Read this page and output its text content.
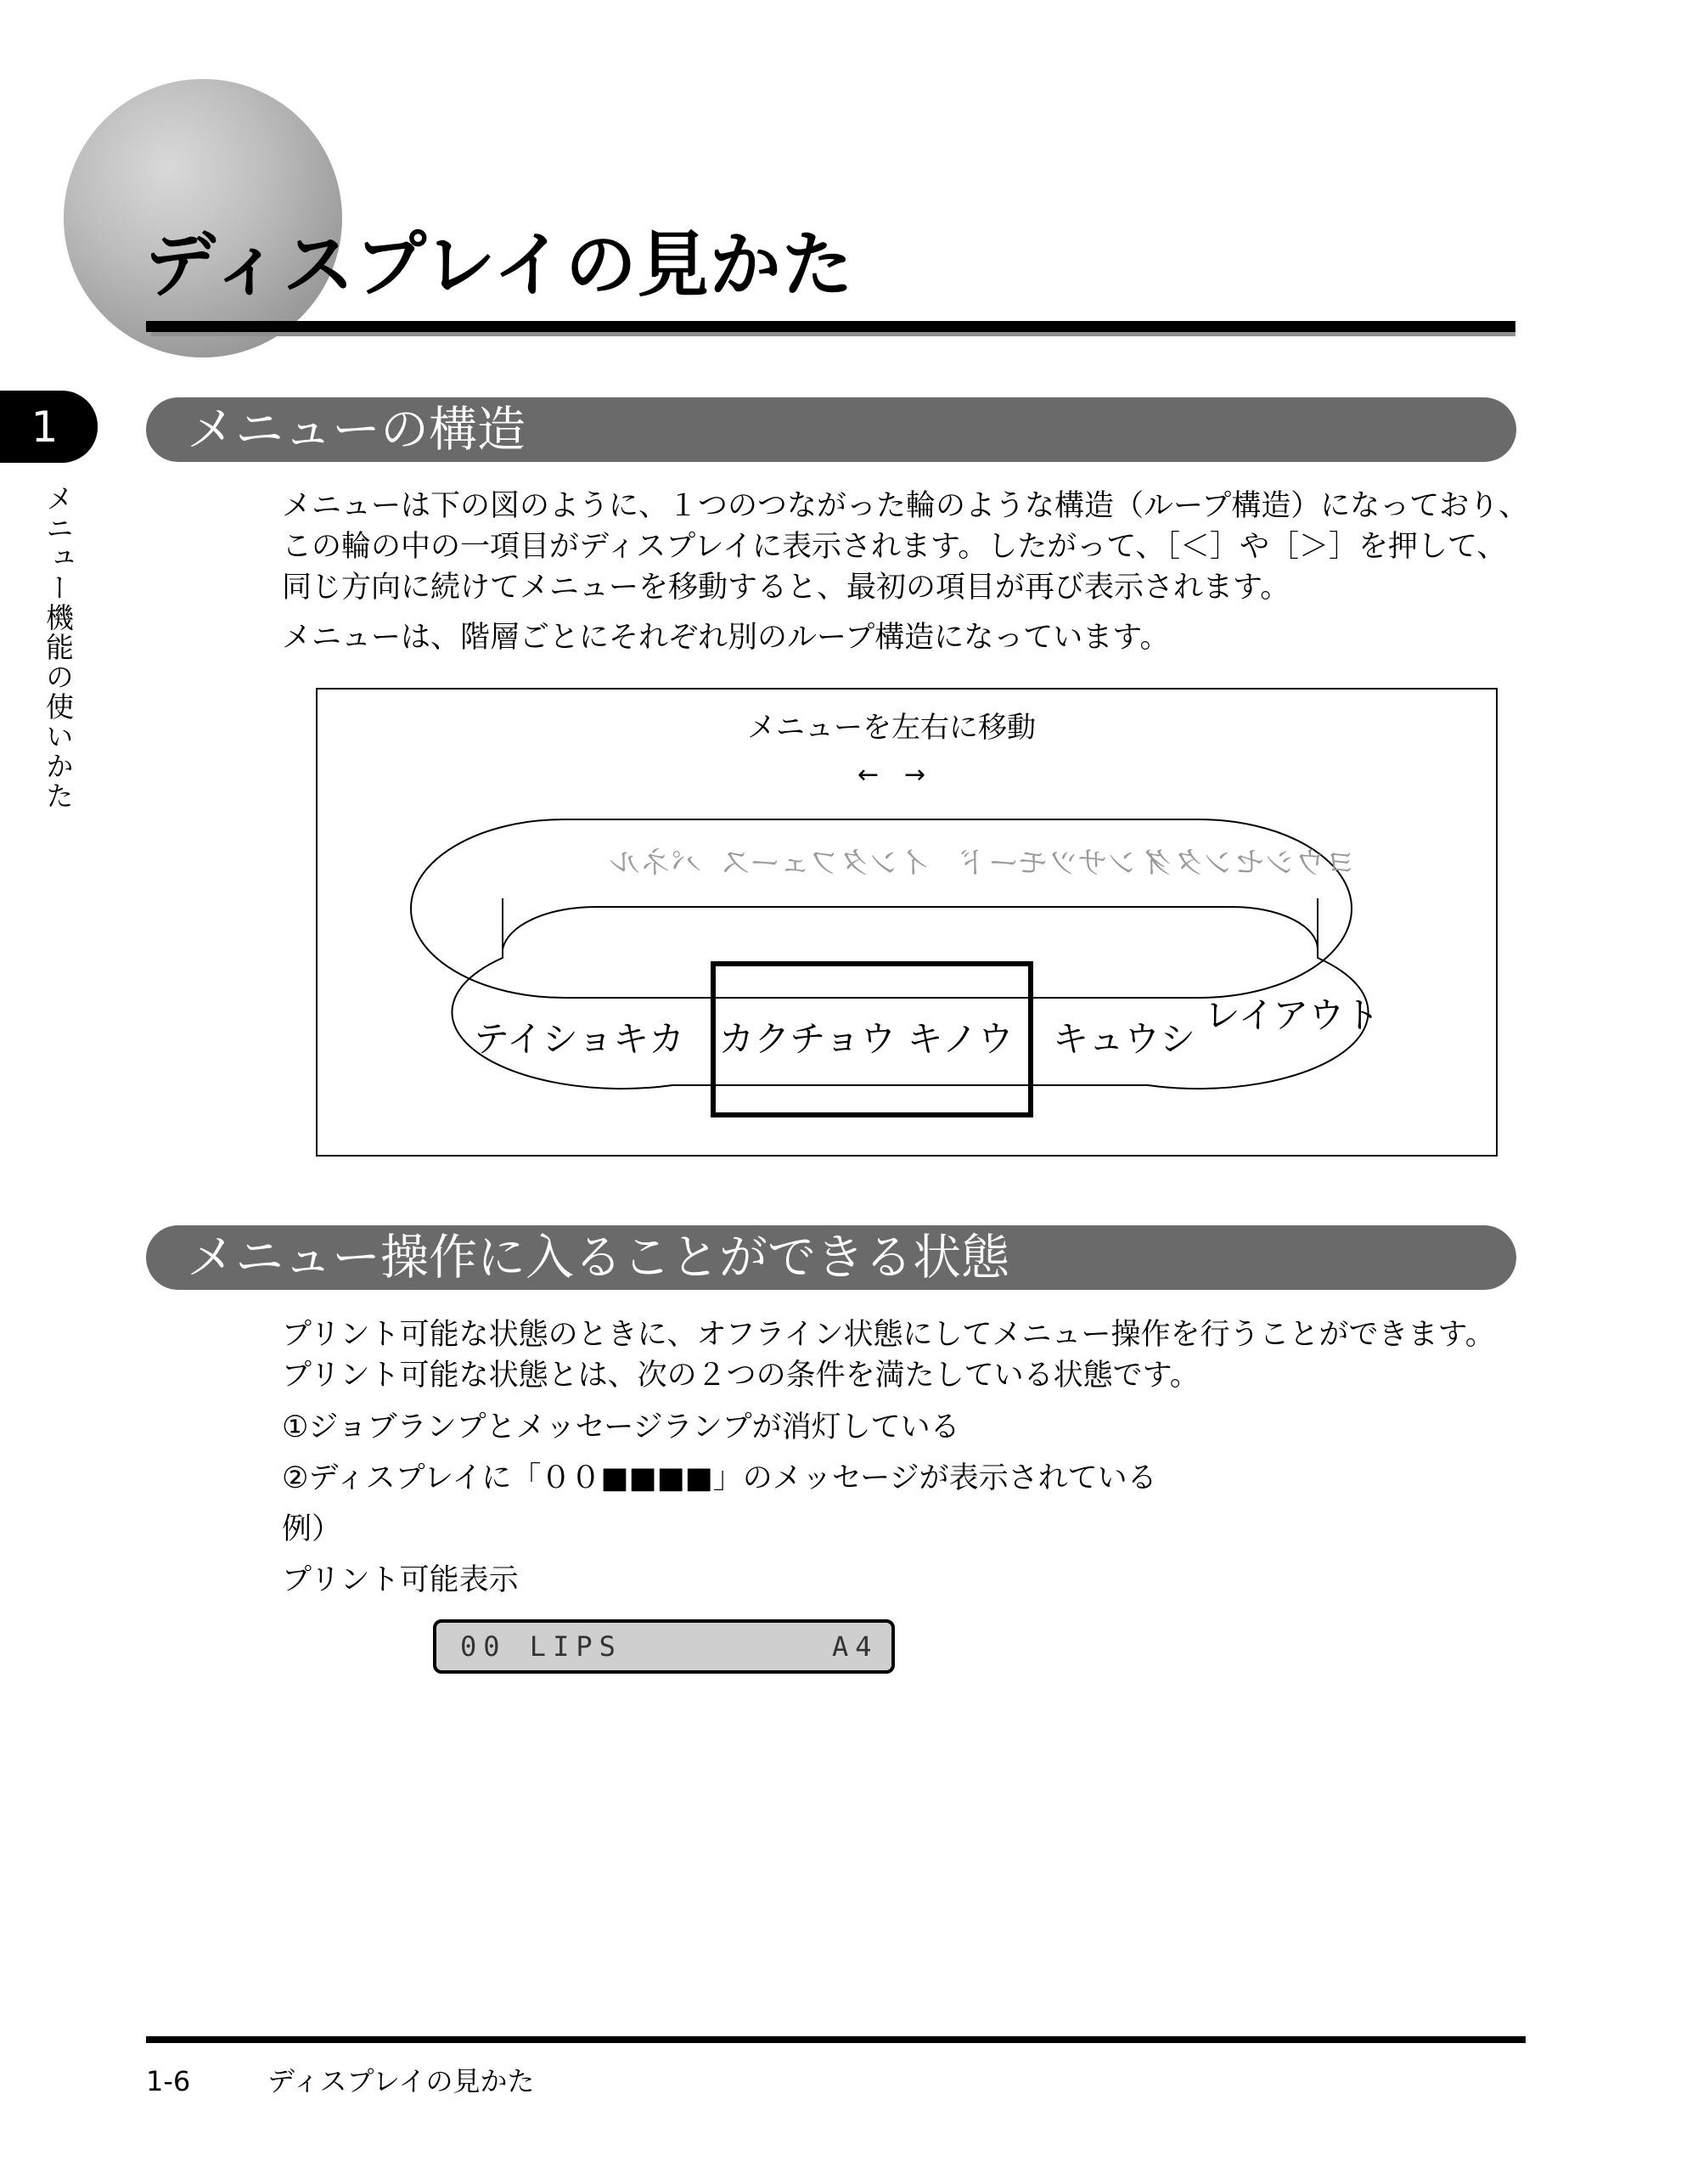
ディスプレイの見かた
1
メニュー機能の使いかた
メニューの構造
メニューは下の図のように、１つのつながった輪のような構造（ループ構造）になっており、
この輪の中の一項目がディスプレイに表示されます。したがって、［＜］や［＞］を押して、
同じ方向に続けてメニューを移動すると、最初の項目が再び表示されます。
メニューは、階層ごとにそれぞれ別のループ構造になっています。
メニューを左右に移動
←　→
インタフェース インサツモード
ヨウシセンタク
パネル
テイショキカ カクチョウ キノウ キュウシ
レイアウト
メニュー操作に入ることができる状態
プリント可能な状態のときに、オフライン状態にしてメニュー操作を行うことができます。
プリント可能な状態とは、次の２つの条件を満たしている状態です。
①ジョブランプとメッセージランプが消灯している
②ディスプレイに「００■■■■」のメッセージが表示されている
例）
プリント可能表示
00 LIPS	A4
1-6	ディスプレイの見かた
